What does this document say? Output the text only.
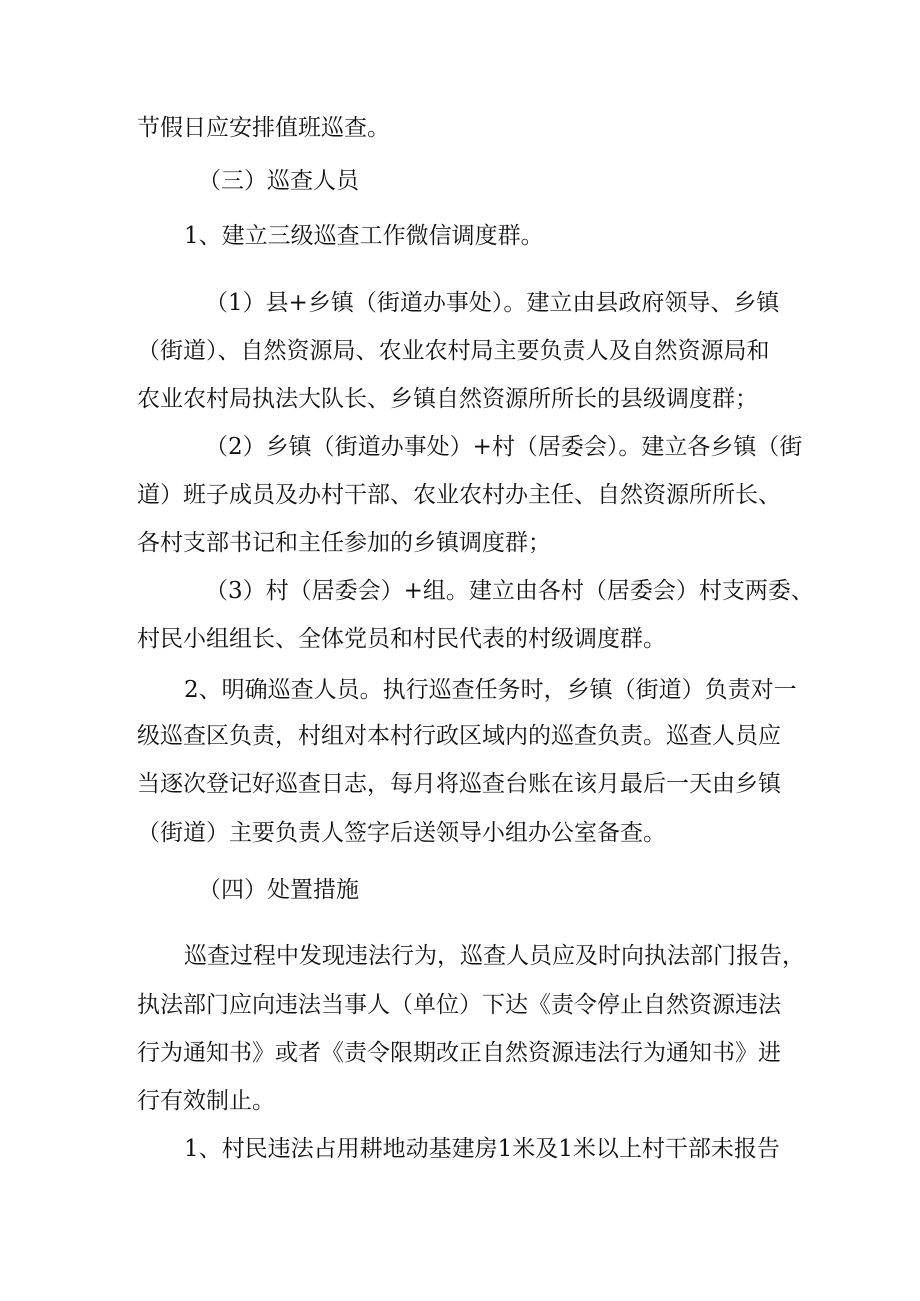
节假日应安排值班巡查。
（三）巡查人员
1、建立三级巡查工作微信调度群。
（1）县+乡镇（街道办事处）。建立由县政府领导、乡镇
（街道）、自然资源局、农业农村局主要负责人及自然资源局和
农业农村局执法大队长、乡镇自然资源所所长的县级调度群；
（2）乡镇（街道办事处）+村（居委会）。建立各乡镇（街
道）班子成员及办村干部、农业农村办主任、自然资源所所长、
各村支部书记和主任参加的乡镇调度群；
（3）村（居委会）+组。建立由各村（居委会）村支两委、
村民小组组长、全体党员和村民代表的村级调度群。
2、明确巡查人员。执行巡查任务时，乡镇（街道）负责对一
级巡查区负责，村组对本村行政区域内的巡查负责。巡查人员应
当逐次登记好巡查日志，每月将巡查台账在该月最后一天由乡镇
（街道）主要负责人签字后送领导小组办公室备查。
（四）处置措施
巡查过程中发现违法行为，巡查人员应及时向执法部门报告，
执法部门应向违法当事人（单位）下达《责令停止自然资源违法
行为通知书》或者《责令限期改正自然资源违法行为通知书》进
行有效制止。
1、村民违法占用耕地动基建房1米及1米以上村干部未报告
